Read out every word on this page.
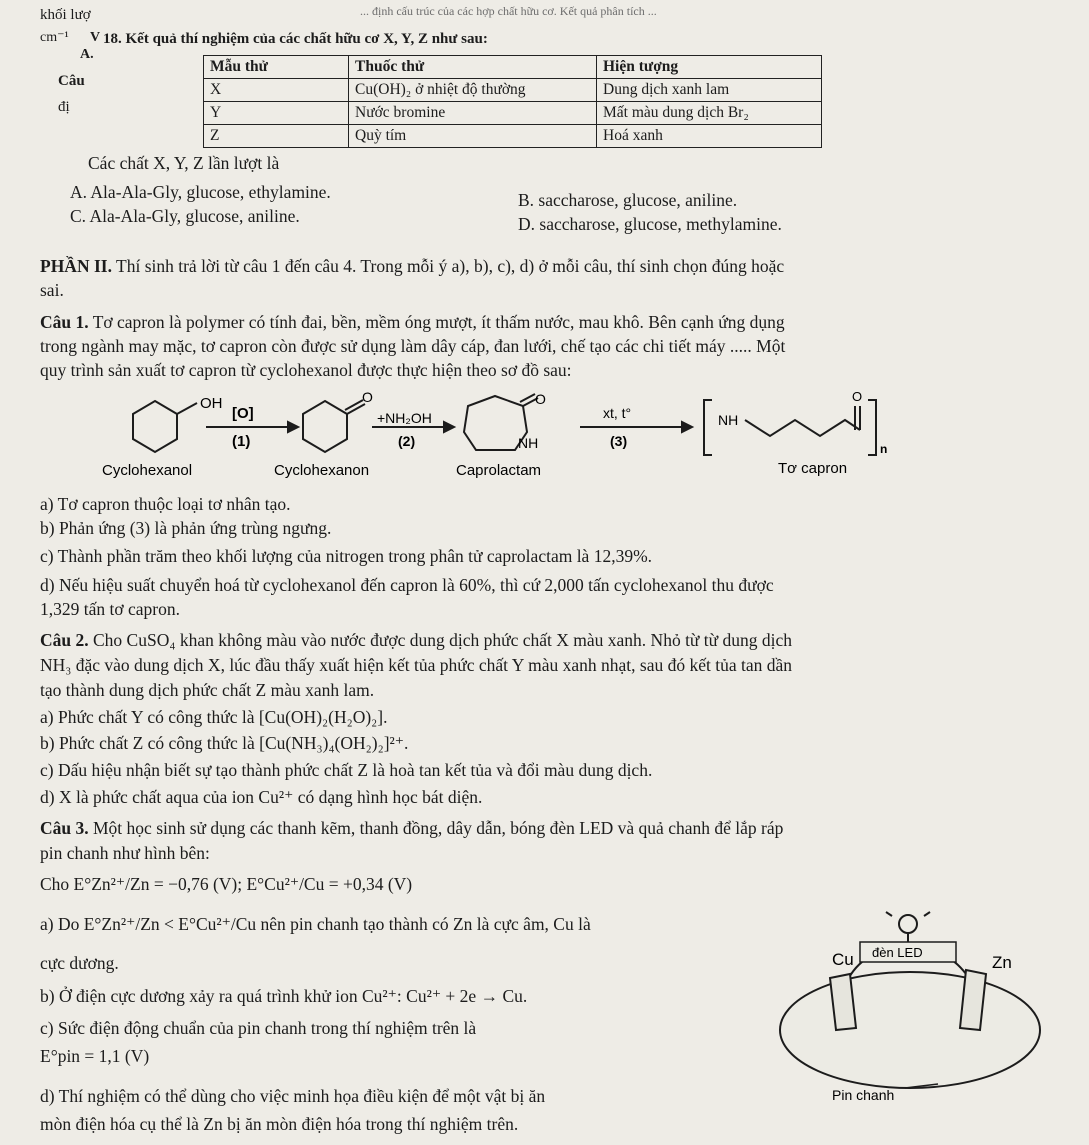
khối lượ	... định cấu trúc của các hợp chất hữu cơ. Kết quả phân tích ...
cm⁻¹ V 18. Kết quả thí nghiệm của các chất hữu cơ X, Y, Z như sau:
A.
Câu
đị
Mẫu thử	Thuốc thử	Hiện tượng
X	Cu(OH)₂ ở nhiệt độ thường	Dung dịch xanh lam
Y	Nước bromine	Mất màu dung dịch Br₂
Z	Quỳ tím	Hoá xanh
Các chất X, Y, Z lần lượt là
A. Ala-Ala-Gly, glucose, ethylamine.	B. saccharose, glucose, aniline.
C. Ala-Ala-Gly, glucose, aniline.	D. saccharose, glucose, methylamine.
PHẦN II. Thí sinh trả lời từ câu 1 đến câu 4. Trong mỗi ý a), b), c), d) ở mỗi câu, thí sinh chọn đúng hoặc
sai.
Câu 1. Tơ capron là polymer có tính đai, bền, mềm óng mượt, ít thấm nước, mau khô. Bên cạnh ứng dụng
trong ngành may mặc, tơ capron còn được sử dụng làm dây cáp, đan lưới, chế tạo các chi tiết máy ..... Một
quy trình sản xuất tơ capron từ cyclohexanol được thực hiện theo sơ đồ sau:
OH
[O]
(1)
O
+NH₂OH
(2)
O
NH
xt, t°
(3)
NH
O
n
Cyclohexanol	Cyclohexanon	Caprolactam	Tơ capron
a) Tơ capron thuộc loại tơ nhân tạo.
b) Phản ứng (3) là phản ứng trùng ngưng.
c) Thành phần trăm theo khối lượng của nitrogen trong phân tử caprolactam là 12,39%.
d) Nếu hiệu suất chuyển hoá từ cyclohexanol đến capron là 60%, thì cứ 2,000 tấn cyclohexanol thu được
1,329 tấn tơ capron.
Câu 2. Cho CuSO₄ khan không màu vào nước được dung dịch phức chất X màu xanh. Nhỏ từ từ dung dịch
NH₃ đặc vào dung dịch X, lúc đầu thấy xuất hiện kết tủa phức chất Y màu xanh nhạt, sau đó kết tủa tan dần
tạo thành dung dịch phức chất Z màu xanh lam.
a) Phức chất Y có công thức là [Cu(OH)₂(H₂O)₂].
b) Phức chất Z có công thức là [Cu(NH₃)₄(OH₂)₂]²⁺.
c) Dấu hiệu nhận biết sự tạo thành phức chất Z là hoà tan kết tủa và đổi màu dung dịch.
d) X là phức chất aqua của ion Cu²⁺ có dạng hình học bát diện.
Câu 3. Một học sinh sử dụng các thanh kẽm, thanh đồng, dây dẫn, bóng đèn LED và quả chanh để lắp ráp
pin chanh như hình bên:
Cho E°Zn²⁺/Zn = −0,76 (V); E°Cu²⁺/Cu = +0,34 (V)
a) Do E°Zn²⁺/Zn < E°Cu²⁺/Cu nên pin chanh tạo thành có Zn là cực âm, Cu là
cực dương.
b) Ở điện cực dương xảy ra quá trình khử ion Cu²⁺: Cu²⁺ + 2e → Cu.
c) Sức điện động chuẩn của pin chanh trong thí nghiệm trên là
E°pin = 1,1 (V)
d) Thí nghiệm có thể dùng cho việc minh họa điều kiện để một vật bị ăn
mòn điện hóa cụ thể là Zn bị ăn mòn điện hóa trong thí nghiệm trên.
Cu đèn LED
Zn
Pin chanh
